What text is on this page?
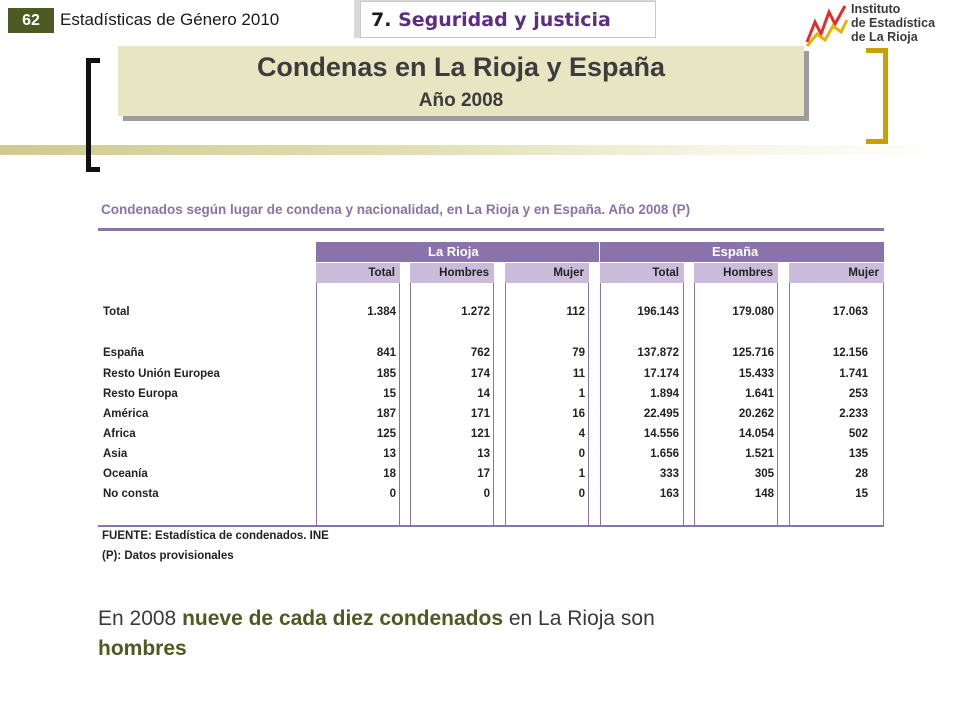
62	Estadísticas de Género 2010	7. Seguridad y justicia	Instituto
de Estadística
de La Rioja
Condenas en La Rioja y España
Año 2008
Condenados según lugar de condena y nacionalidad, en La Rioja y en España. Año 2008 (P)
La Rioja	España
Total	Hombres	Mujer	Total	Hombres	Mujer
Total	1.384	1.272	112	196.143	179.080	17.063
España	841	762	79	137.872	125.716	12.156
Resto Unión Europea	185	174	11	17.174	15.433	1.741
Resto Europa	15	14	1	1.894	1.641	253
América	187	171	16	22.495	20.262	2.233
Africa	125	121	4	14.556	14.054	502
Asia	13	13	0	1.656	1.521	135
Oceanía	18	17	1	333	305	28
No consta	0	0	0	163	148	15
FUENTE: Estadística de condenados. INE
(P): Datos provisionales
En 2008 nueve de cada diez condenados en La Rioja son
hombres
